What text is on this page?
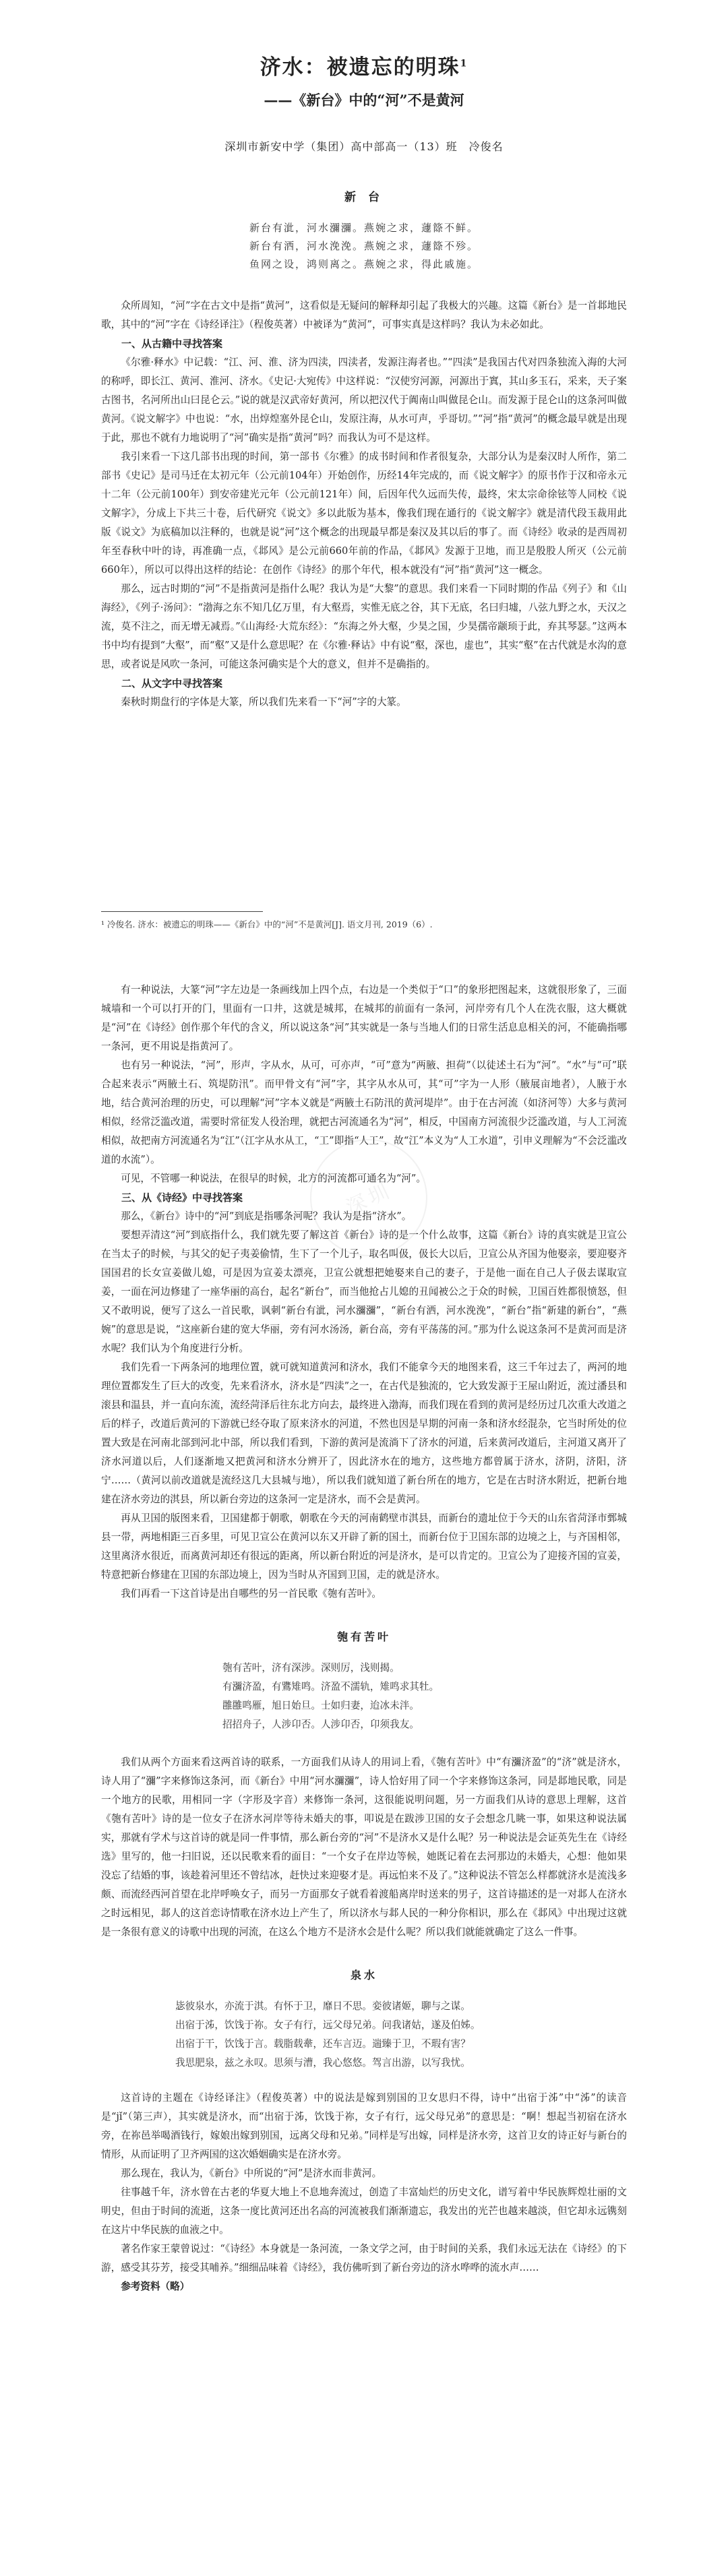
济水：被遗忘的明珠$^1$
——《新台》中的“河”不是黄河
深圳市新安中学（集团）高中部高一（13）班　冷俊名
新 台
新台有泚，河水瀰瀰。燕婉之求，蘧篨不鲜。
新台有洒，河水浼浼。燕婉之求，蘧篨不殄。
鱼网之设，鸿则离之。燕婉之求，得此戚施。

众所周知，“河”字在古文中是指“黄河”，这看似是无疑问的解释却引起了我极大的兴趣。这篇《新台》是一首邶地民歌，其中的“河”字在《诗经译注》（程俊英著）中被译为“黄河”，可事实真是这样吗？我认为未必如此。

一、从古籍中寻找答案

《尔雅·释水》中记载：“江、河、淮、济为四渎，四渎者，发源注海者也。”“四渎”是我国古代对四条独流入海的大河的称呼，即长江、黄河、淮河、济水。《史记·大宛传》中这样说：“汉使穷河源，河源出于窴，其山多玉石，采来，天子案古图书，名河所出山曰昆仑云。”说的就是汉武帝好黄河，所以把汉代于阗南山叫做昆仑山。而发源于昆仑山的这条河叫做黄河。《说文解字》中也说：“水，出焞煌塞外昆仑山，发原注海，从水可声，乎哥切。”“河”指“黄河”的概念最早就是出现于此，那也不就有力地说明了“河”确实是指“黄河”吗？而我认为可不是这样。

我引来看一下这几部书出现的时间，第一部书《尔雅》的成书时间和作者很复杂，大部分认为是秦汉时人所作，第二部书《史记》是司马迁在太初元年（公元前104年）开始创作，历经14年完成的，而《说文解字》的原书作于汉和帝永元十二年（公元前100年）到安帝建光元年（公元前121年）间，后因年代久远而失传，最终，宋太宗命徐铉等人同校《说文解字》，分成上下共三十卷，后代研究《说文》多以此版为基本，像我们现在通行的《说文解字》就是清代段玉裁用此版《说文》为底稿加以注释的，也就是说“河”这个概念的出现最早都是秦汉及其以后的事了。而《诗经》收录的是西周初年至春秋中叶的诗，再准确一点，《邶风》是公元前660年前的作品，《邶风》发源于卫地，而卫是殷股人所灭（公元前660年），所以可以得出这样的结论：在创作《诗经》的那个年代，根本就没有“河”指“黄河”这一概念。

那么，远古时期的“河”不是指黄河是指什么呢？我认为是“大黎”的意思。我们来看一下同时期的作品《列子》和《山海经》，《列子·汤问》：“渤海之东不知几亿万里，有大壑焉，实惟无底之谷，其下无底，名曰归墟，八弦九野之水，天汉之流，莫不注之，而无增无减焉。”《山海经·大荒东经》：“东海之外大壑，少昊之国，少昊孺帝颛顼于此，弃其琴瑟。”这两本书中均有提到“大壑”，而“壑”又是什么意思呢？在《尔雅·释诂》中有说“壑，深也，虚也”，其实“壑”在古代就是水沟的意思，或者说是风吹一条河，可能这条河确实是个大的意义，但并不是确指的。

二、从文字中寻找答案

秦秋时期盘行的字体是大篆，所以我们先来看一下“河”字的大篆。

¹ 冷俊名. 济水：被遗忘的明珠——《新台》中的“河”不是黄河[J]. 语文月刊, 2019（6）.
深圳

有一种说法，大篆“河”字左边是一条画线加上四个点，右边是一个类似于“口”的象形把图起来，这就很形象了，三面城墙和一个可以打开的门，里面有一口井，这就是城邦，在城邦的前面有一条河，河岸旁有几个人在洗衣服，这大概就是“河”在《诗经》创作那个年代的含义，所以说这条“河”其实就是一条与当地人们的日常生活息息相关的河，不能确指哪一条河，更不用说是指黄河了。

也有另一种说法，“河”，形声，字从水，从可，可亦声，“可”意为“两腋、担荷”（以徒述土石为“河”。“水”与“可”联合起来表示“两腋土石、筑堤防汛”。而甲骨文有“河”字，其字从水从可，其“可”字为一人形（腋展亩地者），人腋于水地，结合黄河治理的历史，可以理解“河”字本义就是“两腋土石防汛的黄河堤岸”。由于在古河流（如济河等）大多与黄河相似，经常泛滥改道，需要时常征发人役治理，就把古河流通名为“河”，相反，中国南方河流很少泛滥改道，与人工河流相似，故把南方河流通名为“江”（江字从水从工，“工”即指“人工”，故“江”本义为“人工水道”，引申义理解为“不会泛滥改道的水流”）。

可见，不管哪一种说法，在很早的时候，北方的河流都可通名为“河”。

三、从《诗经》中寻找答案

那么，《新台》诗中的“河”到底是指哪条河呢？我认为是指“济水”。

要想弄清这“河”到底指什么，我们就先要了解这首《新台》诗的是一个什么故事，这篇《新台》诗的真实就是卫宣公在当太子的时候，与其父的妃子夷姜偷情，生下了一个儿子，取名叫伋，伋长大以后，卫宣公从齐国为他娶亲，要迎娶齐国国君的长女宣姜做儿媳，可是因为宣姜太漂亮，卫宣公就想把她娶来自己的妻子，于是他一面在自己人子伋去谋取宣姜，一面在河边修建了一座华丽的高台，起名“新台”，而当他抢占儿媳的丑闻被公之于众的时候，卫国百姓都很愤怒，但又不敢明说，便写了这么一首民歌，讽刺“新台有泚，河水瀰瀰”，“新台有洒，河水浼浼”，“新台”指“新建的新台”，“燕婉”的意思是说，“这座新台建的宽大华丽，旁有河水汤汤，新台高，旁有平荡荡的河。”那为什么说这条河不是黄河而是济水呢？我们认为个角度进行分析。

我们先看一下两条河的地理位置，就可就知道黄河和济水，我们不能拿今天的地图来看，这三千年过去了，两河的地理位置都发生了巨大的改变，先来看济水，济水是“四渎”之一，在古代是独流的，它大致发源于王屋山附近，流过潘县和滚县和温县，并一直向东流，流经菏泽后往东北方向去，最终进入渤海，而我们现在看到的黄河是经历过几次重大改道之后的样子，改道后黄河的下游就已经夺取了原来济水的河道，不然也因是早期的河南一条和济水经混杂，它当时所处的位置大致是在河南北部到河北中部，所以我们看到，下游的黄河是流淌下了济水的河道，后来黄河改道后，主河道又离开了济水河道以后，人们逐渐地又把黄河和济水分辨开了，因此济水在的地方，这些地方都曾属于济水，济阴，济阳，济宁……（黄河以前改道就是流经这几大县城与地），所以我们就知道了新台所在的地方，它是在古时济水附近，把新台地建在济水旁边的淇县，所以新台旁边的这条河一定是济水，而不会是黄河。

再从卫国的版图来看，卫国建都于朝歌，朝歌在今天的河南鹤壁市淇县，而新台的遗址位于今天的山东省菏泽市鄄城县一带，两地相距三百多里，可见卫宣公在黄河以东又开辟了新的国土，而新台位于卫国东部的边境之上，与齐国相邻，这里离济水很近，而离黄河却还有很远的距离，所以新台附近的河是济水，是可以肯定的。卫宣公为了迎接齐国的宣姜，特意把新台修建在卫国的东部边境上，因为当时从齐国到卫国，走的就是济水。

我们再看一下这首诗是出自哪些的另一首民歌《匏有苦叶》。

匏有苦叶
匏有苦叶，济有深涉。深则厉，浅则揭。
有瀰济盈，有鷕雉鸣。济盈不濡轨，雉鸣求其牡。
雝雝鸣雁，旭日始旦。士如归妻，迨冰未泮。
招招舟子，人涉卬否。人涉卬否，卬须我友。

我们从两个方面来看这两首诗的联系，一方面我们从诗人的用词上看，《匏有苦叶》中“有瀰济盈”的“济”就是济水，诗人用了“瀰”字来修饰这条河，而《新台》中用“河水瀰瀰”，诗人恰好用了同一个字来修饰这条河，同是邶地民歌，同是一个地方的民歌，用相同一字（字形及字音）来修饰一条河，这很能说明问题，另一方面我们从诗的意思上理解，这首《匏有苦叶》诗的是一位女子在济水河岸等待未婚夫的事，叩说是在跋涉卫国的女子会想念几眺一事，如果这种说法属实，那就有学术与这首诗的就是同一件事情，那么新台旁的“河”不是济水又是什么呢？另一种说法是会证英先生在《诗经选》里写的，他一扫旧说，还以民歌来看的面目：“一个女子在岸边等候，她既记着在去河那边的未婚夫，心想：他如果没忘了结婚的事，该趁着河里还不曾结冰，赶快过来迎娶才是。再远怕来不及了。”这种说法不管怎么样都就济水是流浅多颇、而流经西河首望在北岸呼唤女子，而另一方面那女子就看着渡船离岸时送来的男子，这首诗描述的是一对邶人在济水之时远相见，邶人的这首恋诗情歌在济水边上产生了，所以济水与邶人民的一种分你相识，那么在《邶风》中出现过这就是一条很有意义的诗歌中出现的河流，在这么个地方不是济水会是什么呢？所以我们就能就确定了这么一件事。

泉水
毖彼泉水，亦流于淇。有怀于卫，靡日不思。娈彼诸姬，聊与之谋。
出宿于泲，饮饯于祢。女子有行，远父母兄弟。问我诸姑，遂及伯姊。
出宿于干，饮饯于言。载脂载舝，还车言迈。遄臻于卫，不瑕有害？
我思肥泉，兹之永叹。思须与漕，我心悠悠。驾言出游，以写我忧。

这首诗的主题在《诗经译注》（程俊英著）中的说法是嫁到别国的卫女思归不得，诗中“出宿于泲”中“泲”的读音是“jǐ”（第三声），其实就是济水，而“出宿于泲，饮饯于祢，女子有行，远父母兄弟”的意思是：“啊！想起当初宿在济水旁，在祢邑举喝酒钱行，嫁娘出嫁到别国，远离父母和兄弟。”同样是写出嫁，同样是济水旁，这首卫女的诗正好与新台的情形，从而证明了卫齐两国的这次婚姻确实是在济水旁。

那么现在，我认为，《新台》中所说的“河”是济水而非黄河。

往事越千年，济水曾在古老的华夏大地上不息地奔流过，创造了丰富灿烂的历史文化，谱写着中华民族辉煌壮丽的文明史，但由于时间的流逝，这条一度比黄河还出名高的河流被我们渐渐遗忘，我发出的光芒也越来越淡，但它却永远镌刻在这片中华民族的血液之中。

著名作家王蒙曾说过：“《诗经》本身就是一条河流，一条文学之河，由于时间的关系，我们永远无法在《诗经》的下游，感受其芬芳，接受其哺养。”细细品味着《诗经》，我仿佛听到了新台旁边的济水哗哗的流水声……

参考资料（略）
